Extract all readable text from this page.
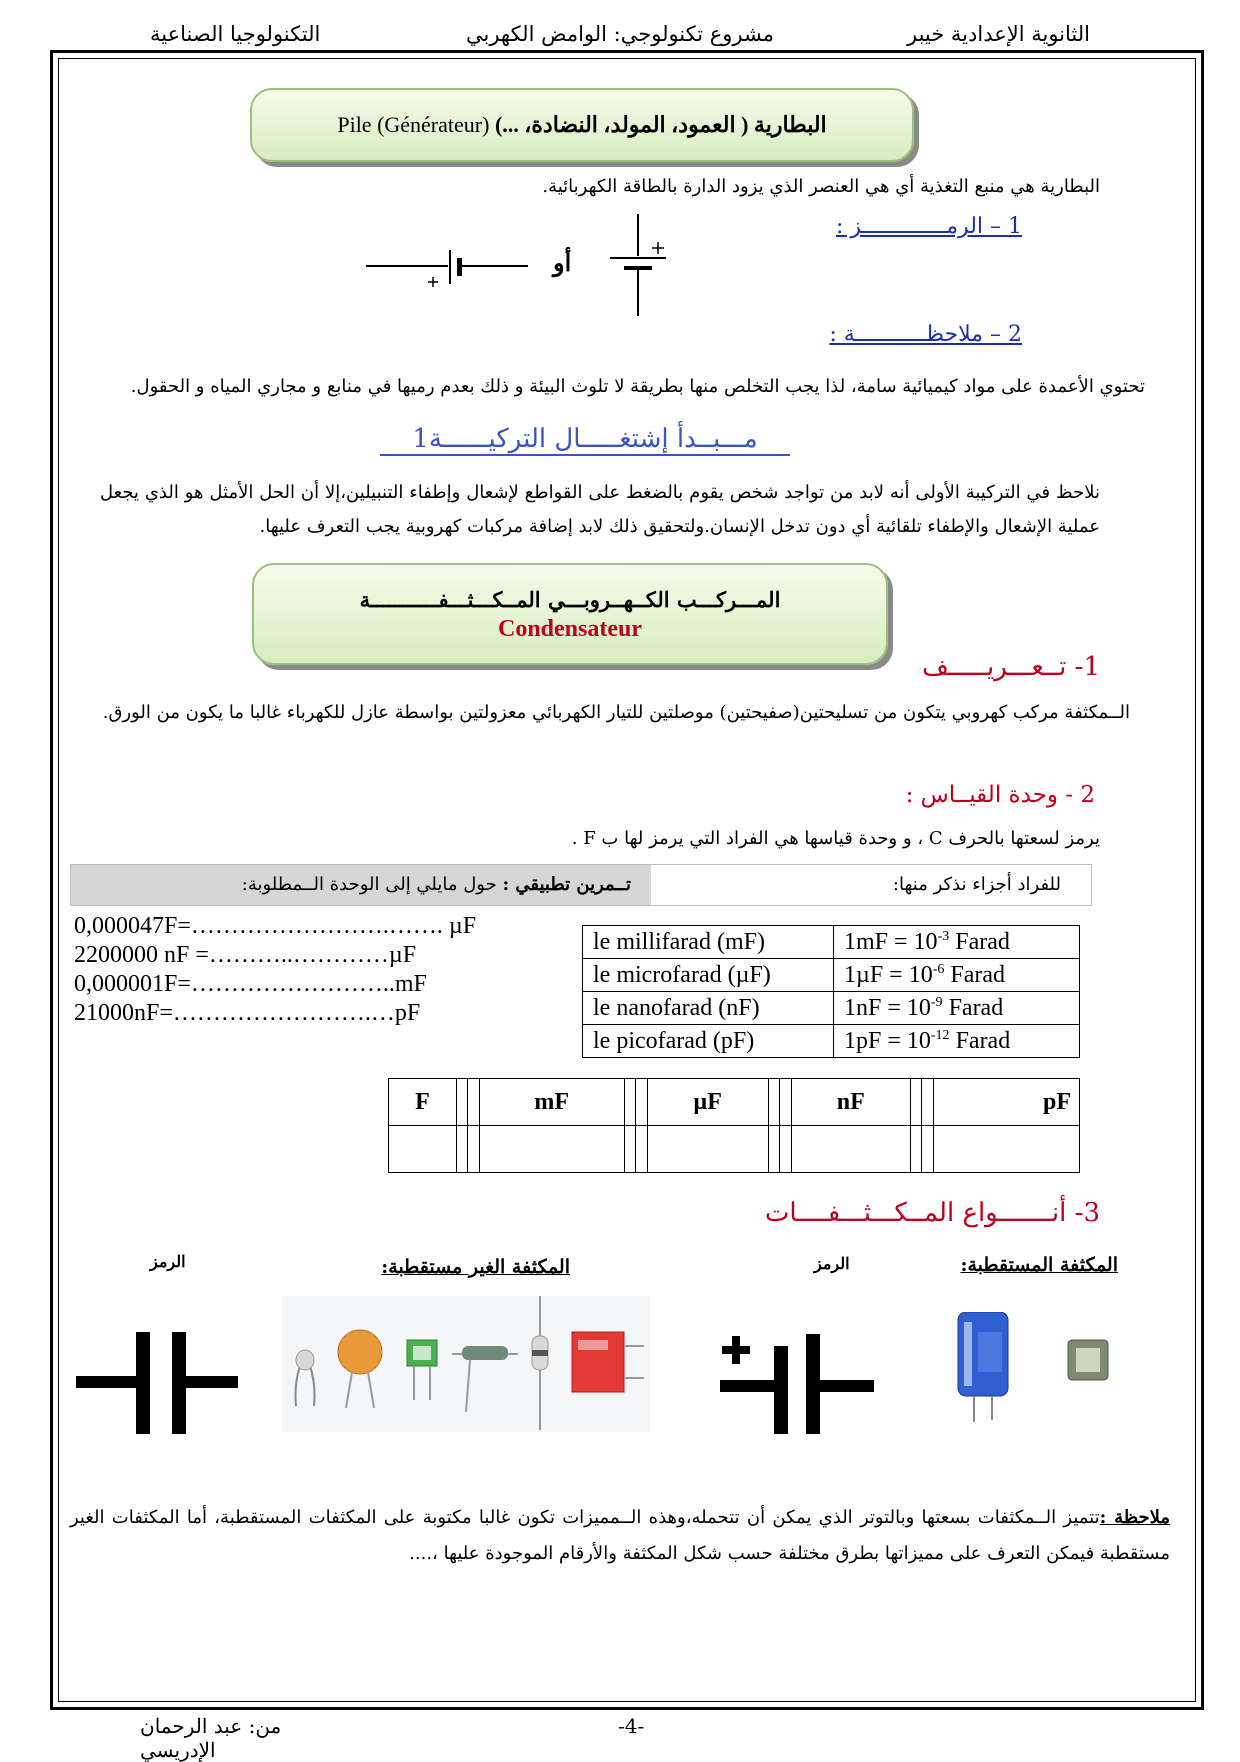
الثانوية الإعدادية خيبر
مشروع تكنولوجي: الوامض الكهربي
التكنولوجيا الصناعية
Pile (Générateur) البطارية ( العمود، المولد، النضادة، ...)
البطارية هي منبع التغذية أي هي العنصر الذي يزود الدارة بالطاقة الكهربائية.
1 – الرمـــــــــــــز :
أو
2 – ملاحظـــــــــــة :
تحتوي الأعمدة على مواد كيميائية سامة، لذا يجب التخلص منها بطريقة لا تلوث البيئة و ذلك بعدم رميها في منابع و مجاري المياه و الحقول.
مـــبــدأ إشتغـــــال التركيــــــة1
نلاحظ في التركيبة الأولى أنه لابد من تواجد شخص يقوم بالضغط على القواطع لإشعال وإطفاء التنبيلين،إلا أن الحل الأمثل هو الذي يجعل عملية الإشعال والإطفاء تلقائية أي دون تدخل الإنسان.ولتحقيق ذلك لابد إضافة مركبات كهروبية يجب التعرف عليها.
المـــركـــب الكــهــروبـــي المــكـــثـــفـــــــــــة
Condensateur
1- تــعـــريـــــف
الــمكثفة مركب كهروبي يتكون من تسليحتين(صفيحتين) موصلتين للتيار الكهربائي معزولتين بواسطة عازل للكهرباء غالبا ما يكون من الورق.
2 - وحدة القيــاس :
يرمز لسعتها بالحرف C ، و وحدة قياسها هي الفراد التي يرمز لها ب F .
تــمرين تطبيقي : حول مايلي إلى الوحدة الــمطلوبة:	للفراد أجزاء نذكر منها:
0,000047F=…………………….……. µF
2200000 nF =………..…………µF
0,000001F=……………………..mF
21000nF=…………………….…pF
le millifarad (mF)	$1mF = 10^{-3}$ Farad
le microfarad (µF)	$1\mu F = 10^{-6}$ Farad
le nanofarad (nF)	$1nF = 10^{-9}$ Farad
le picofarad (pF)	$1pF = 10^{-12}$ Farad
F			mF			µF			nF			pF

3- أنـــــــواع المــكـــثـــفــــات
المكثفة المستقطبة:
الرمز
المكثفة الغير مستقطبة:
الرمز
ملاحظة :تتميز الــمكثفات بسعتها وبالتوتر الذي يمكن أن تتحمله،وهذه الــمميزات تكون غالبا مكتوبة على المكثفات المستقطبة، أما المكثفات الغير مستقطبة فيمكن التعرف على مميزاتها بطرق مختلفة حسب شكل المكثفة والأرقام الموجودة عليها ،....
من: عبد الرحمان الإدريسي
-4-
